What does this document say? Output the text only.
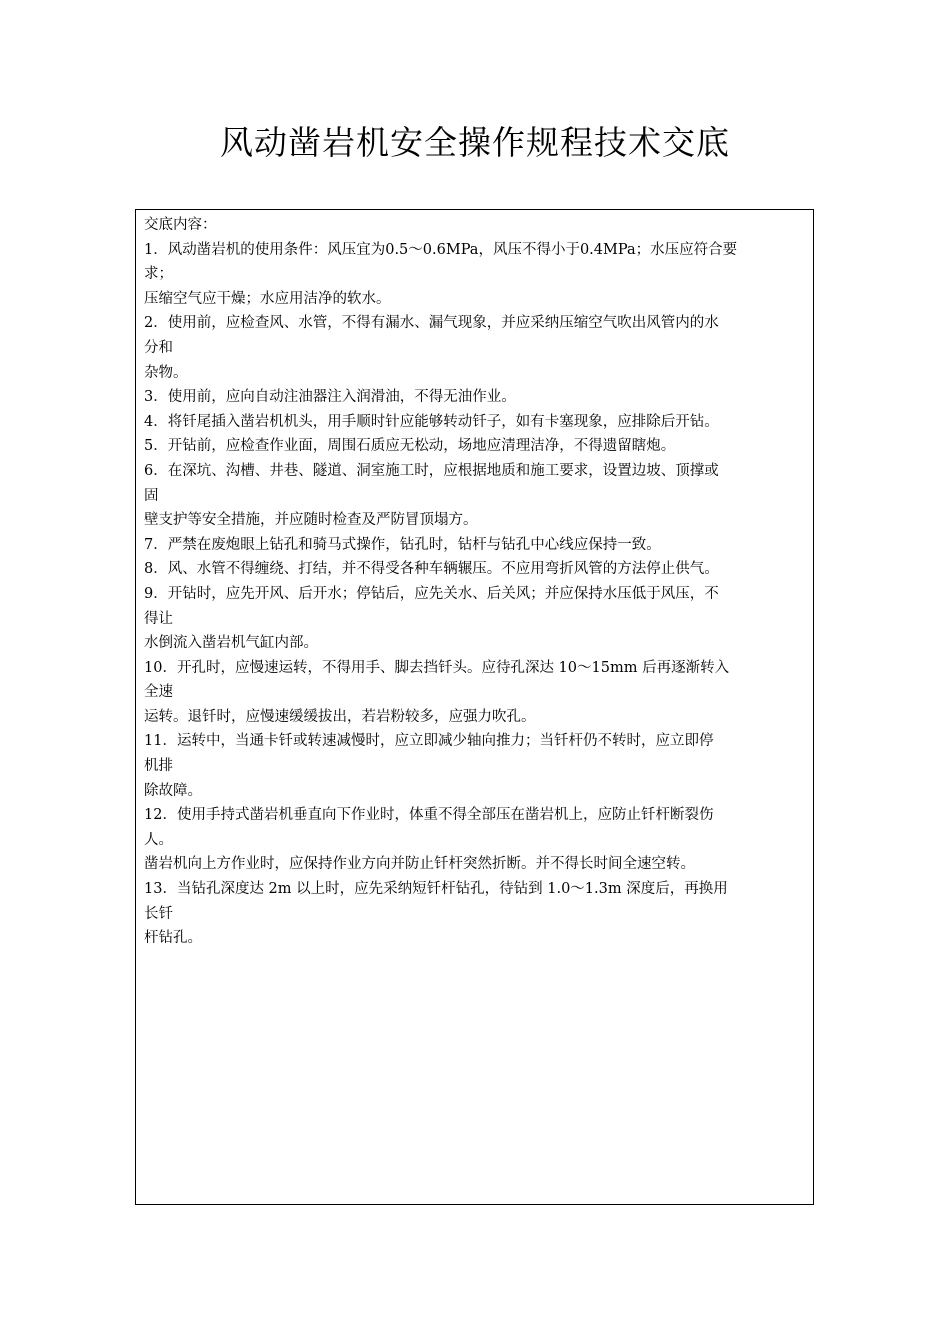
风动凿岩机安全操作规程技术交底
交底内容：
1．风动凿岩机的使用条件：风压宜为0.5～0.6MPa，风压不得小于0.4MPa；水压应符合要
求；
压缩空气应干燥；水应用洁净的软水。
2．使用前，应检查风、水管，不得有漏水、漏气现象，并应采纳压缩空气吹出风管内的水
分和
杂物。
3．使用前，应向自动注油器注入润滑油，不得无油作业。
4．将钎尾插入凿岩机机头，用手顺时针应能够转动钎子，如有卡塞现象，应排除后开钻。
5．开钻前，应检查作业面，周围石质应无松动，场地应清理洁净，不得遗留瞎炮。
6．在深坑、沟槽、井巷、隧道、洞室施工时，应根据地质和施工要求，设置边坡、顶撑或
固
壁支护等安全措施，并应随时检查及严防冒顶塌方。
7．严禁在废炮眼上钻孔和骑马式操作，钻孔时，钻杆与钻孔中心线应保持一致。
8．风、水管不得缠绕、打结，并不得受各种车辆辗压。不应用弯折风管的方法停止供气。
9．开钻时，应先开风、后开水；停钻后，应先关水、后关风；并应保持水压低于风压，不
得让
水倒流入凿岩机气缸内部。
10．开孔时，应慢速运转，不得用手、脚去挡钎头。应待孔深达 10～15mm 后再逐渐转入
全速
运转。退钎时，应慢速缓缓拔出，若岩粉较多，应强力吹孔。
11．运转中，当通卡钎或转速减慢时，应立即减少轴向推力；当钎杆仍不转时，应立即停
机排
除故障。
12．使用手持式凿岩机垂直向下作业时，体重不得全部压在凿岩机上，应防止钎杆断裂伤
人。
凿岩机向上方作业时，应保持作业方向并防止钎杆突然折断。并不得长时间全速空转。
13．当钻孔深度达 2m 以上时，应先采纳短钎杆钻孔，待钻到 1.0～1.3m 深度后，再换用
长钎
杆钻孔。
